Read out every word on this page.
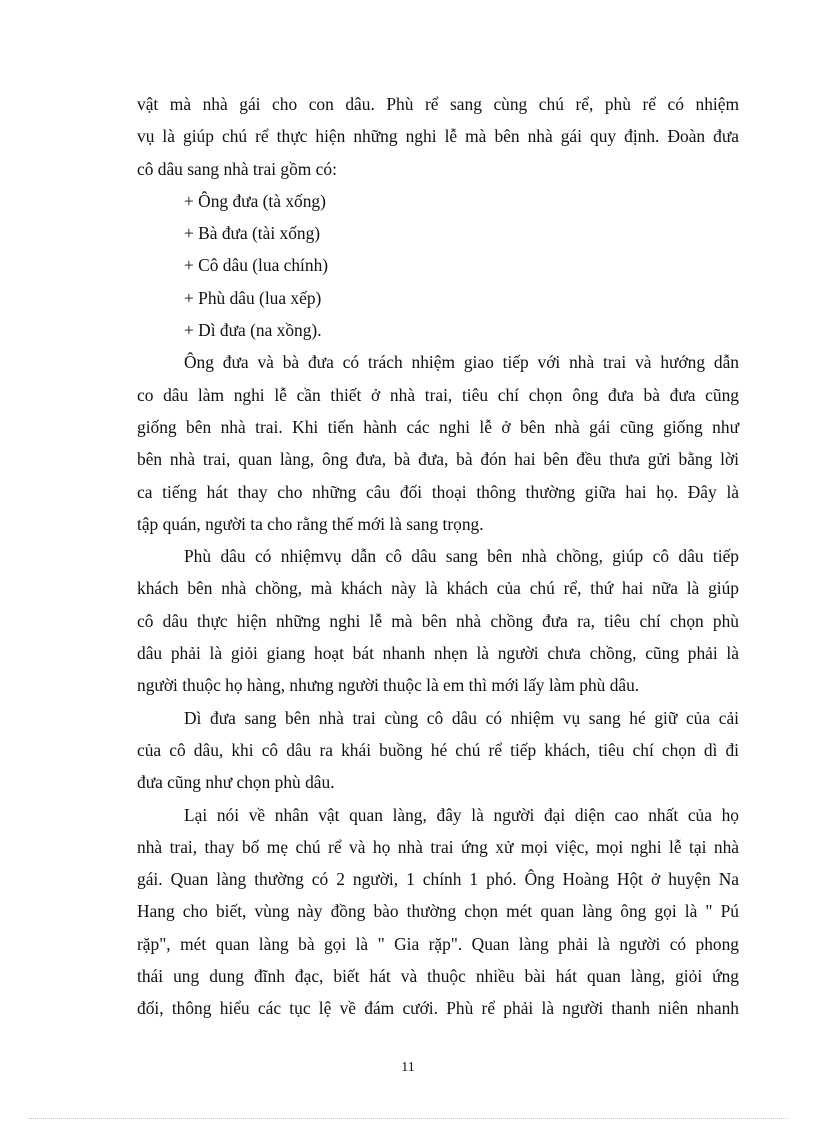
vật mà nhà gái cho con dâu. Phù rể sang cùng chú rể, phù rể có nhiệm
vụ là giúp chú rể thực hiện những nghi lễ mà bên nhà gái quy định. Đoàn đưa
cô dâu sang nhà trai gồm có:
+ Ông đưa (tà xống)
+ Bà đưa (tài xống)
+ Cô dâu (lua chính)
+ Phù dâu (lua xếp)
+ Dì đưa (na xồng).
Ông đưa và bà đưa có trách nhiệm giao tiếp với nhà trai và hướng dẫn
co dâu làm nghi lễ cần thiết ở nhà trai, tiêu chí chọn ông đưa bà đưa cũng
giống bên nhà trai. Khi tiến hành các nghi lễ ở bên nhà gái cũng giống như
bên nhà trai, quan làng, ông đưa, bà đưa, bà đón hai bên đều thưa gửi bằng lời
ca tiếng hát thay cho những câu đối thoại thông thường giữa hai họ. Đây là
tập quán, người ta cho rằng thế mới là sang trọng.
Phù dâu có nhiệmvụ dẫn cô dâu sang bên nhà chồng, giúp cô dâu tiếp
khách bên nhà chồng, mà khách này là khách của chú rể, thứ hai nữa là giúp
cô dâu thực hiện những nghi lễ mà bên nhà chồng đưa ra, tiêu chí chọn phù
dâu phải là giỏi giang hoạt bát nhanh nhẹn là người chưa chồng, cũng phải là
người thuộc họ hàng, nhưng người thuộc là em thì mới lấy làm phù dâu.
Dì đưa sang bên nhà trai cùng cô dâu có nhiệm vụ sang hé giữ của cải
của cô dâu, khi cô dâu ra khái buồng hé chú rể tiếp khách, tiêu chí chọn dì đi
đưa cũng như chọn phù dâu.
Lại nói về nhân vật quan làng, đây là người đại diện cao nhất của họ
nhà trai, thay bố mẹ chú rể và họ nhà trai ứng xử mọi việc, mọi nghi lễ tại nhà
gái. Quan làng thường có 2 người, 1 chính 1 phó. Ông Hoàng Hột ở huyện Na
Hang cho biết, vùng này đồng bào thường chọn mét quan làng ông gọi là " Pú
rặp", mét quan làng bà gọi là " Gia rặp". Quan làng phải là người có phong
thái ung dung đĩnh đạc, biết hát và thuộc nhiều bài hát quan làng, giỏi ứng
đối, thông hiểu các tục lệ về đám cưới. Phù rể phải là người thanh niên nhanh
11
